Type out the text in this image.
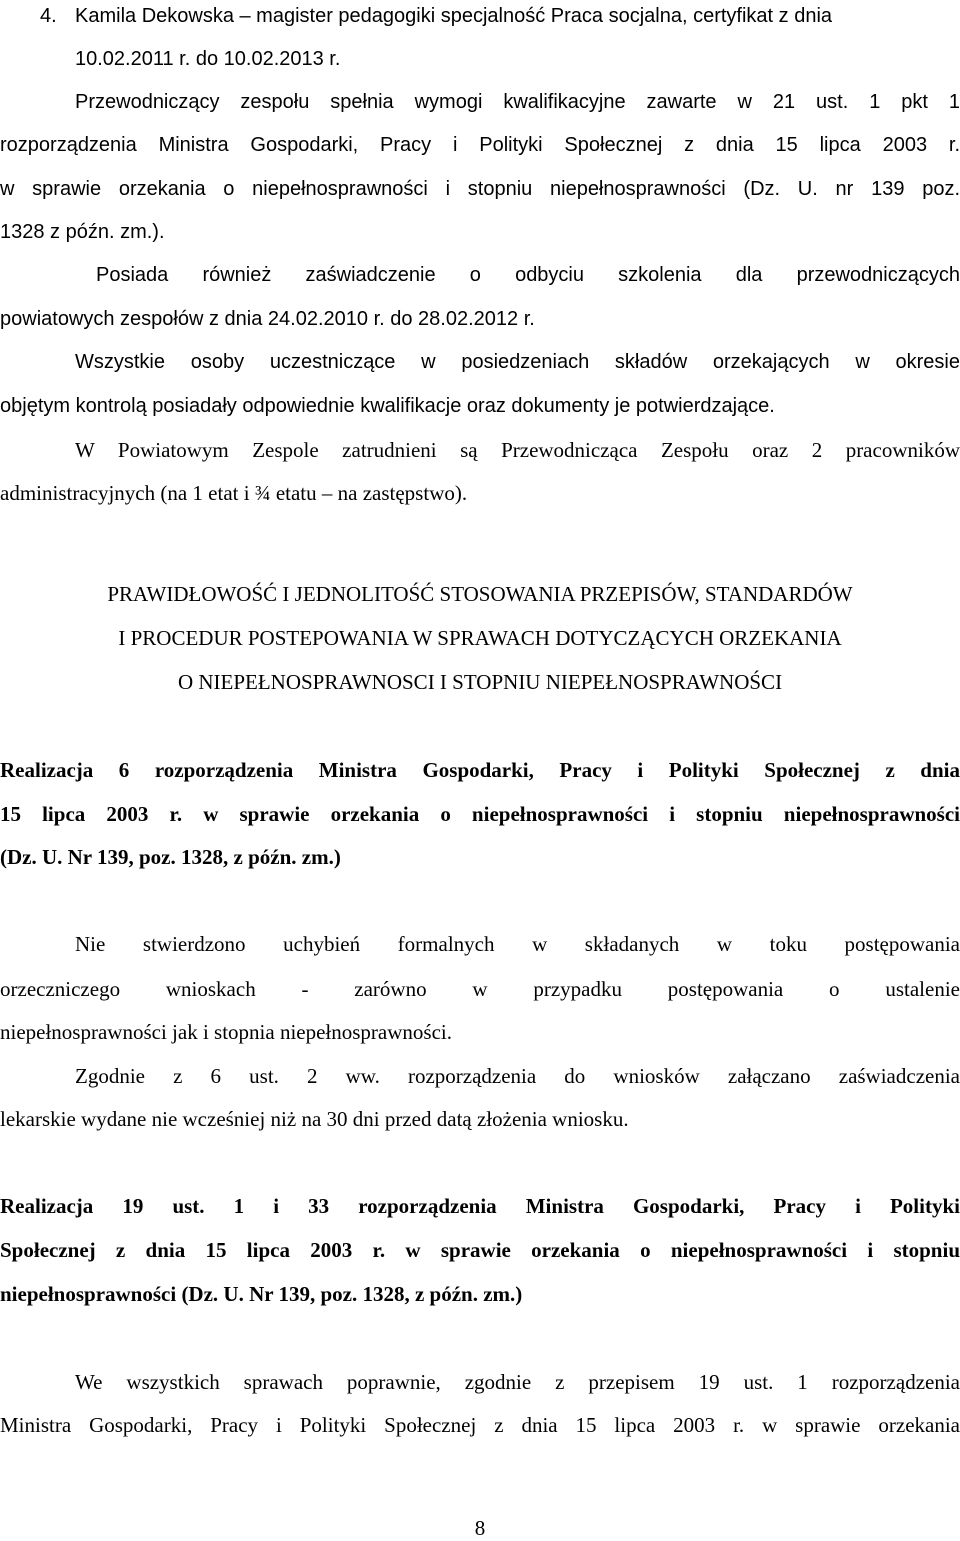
4. Kamila Dekowska – magister pedagogiki specjalność Praca socjalna, certyfikat z dnia

10.02.2011 r. do 10.02.2013 r.

Przewodniczący zespołu spełnia wymogi kwalifikacyjne zawarte w 21 ust. 1 pkt 1

rozporządzenia Ministra Gospodarki, Pracy i Polityki Społecznej z dnia 15 lipca 2003 r.

w sprawie orzekania o niepełnosprawności i stopniu niepełnosprawności (Dz. U. nr 139 poz.

1328 z późn. zm.).

Posiada również zaświadczenie o odbyciu szkolenia dla przewodniczących

powiatowych zespołów z dnia 24.02.2010 r. do 28.02.2012 r.

Wszystkie osoby uczestniczące w posiedzeniach składów orzekających w okresie

objętym kontrolą posiadały odpowiednie kwalifikacje oraz dokumenty je potwierdzające.

W Powiatowym Zespole zatrudnieni są Przewodnicząca Zespołu oraz 2 pracowników

administracyjnych (na 1 etat i ¾ etatu – na zastępstwo).

PRAWIDŁOWOŚĆ I JEDNOLITOŚĆ STOSOWANIA PRZEPISÓW, STANDARDÓW

I PROCEDUR POSTEPOWANIA W SPRAWACH DOTYCZĄCYCH ORZEKANIA

O NIEPEŁNOSPRAWNOSCI I STOPNIU NIEPEŁNOSPRAWNOŚCI

Realizacja 6 rozporządzenia Ministra Gospodarki, Pracy i Polityki Społecznej z dnia

15 lipca 2003 r. w sprawie orzekania o niepełnosprawności i stopniu niepełnosprawności

(Dz. U. Nr 139, poz. 1328, z późn. zm.)

Nie stwierdzono uchybień formalnych w składanych w toku postępowania

orzeczniczego wnioskach - zarówno w przypadku postępowania o ustalenie

niepełnosprawności jak i stopnia niepełnosprawności.

Zgodnie z 6 ust. 2 ww. rozporządzenia do wniosków załączano zaświadczenia

lekarskie wydane nie wcześniej niż na 30 dni przed datą złożenia wniosku.

Realizacja 19 ust. 1 i 33 rozporządzenia Ministra Gospodarki, Pracy i Polityki

Społecznej z dnia 15 lipca 2003 r. w sprawie orzekania o niepełnosprawności i stopniu

niepełnosprawności (Dz. U. Nr 139, poz. 1328, z późn. zm.)

We wszystkich sprawach poprawnie, zgodnie z przepisem 19 ust. 1 rozporządzenia

Ministra Gospodarki, Pracy i Polityki Społecznej z dnia 15 lipca 2003 r. w sprawie orzekania

8
